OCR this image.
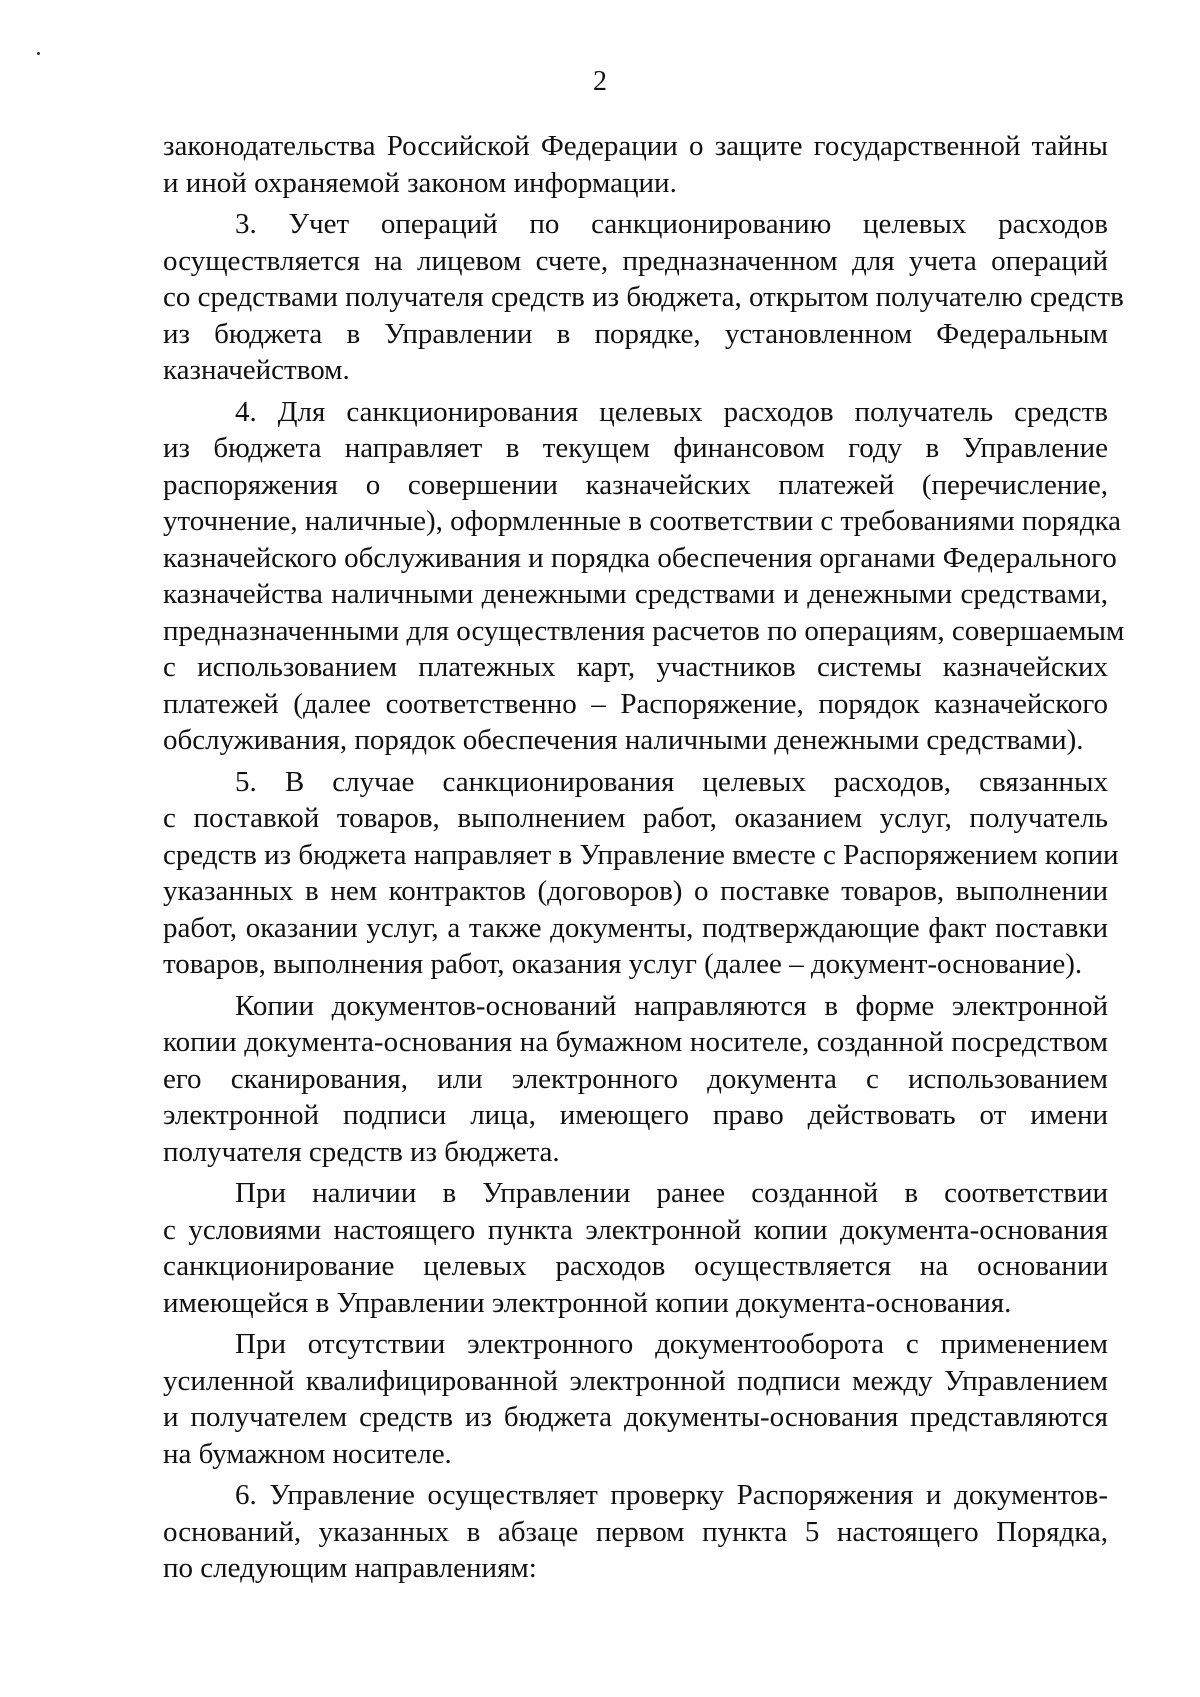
2
законодательства Российской Федерации о защите государственной тайны
и иной охраняемой законом информации.
3. Учет операций по санкционированию целевых расходов
осуществляется на лицевом счете, предназначенном для учета операций
со средствами получателя средств из бюджета, открытом получателю средств
из бюджета в Управлении в порядке, установленном Федеральным
казначейством.
4. Для санкционирования целевых расходов получатель средств
из бюджета направляет в текущем финансовом году в Управление
распоряжения о совершении казначейских платежей (перечисление,
уточнение, наличные), оформленные в соответствии с требованиями порядка
казначейского обслуживания и порядка обеспечения органами Федерального
казначейства наличными денежными средствами и денежными средствами,
предназначенными для осуществления расчетов по операциям, совершаемым
с использованием платежных карт, участников системы казначейских
платежей (далее соответственно – Распоряжение, порядок казначейского
обслуживания, порядок обеспечения наличными денежными средствами).
5. В случае санкционирования целевых расходов, связанных
с поставкой товаров, выполнением работ, оказанием услуг, получатель
средств из бюджета направляет в Управление вместе с Распоряжением копии
указанных в нем контрактов (договоров) о поставке товаров, выполнении
работ, оказании услуг, а также документы, подтверждающие факт поставки
товаров, выполнения работ, оказания услуг (далее – документ-основание).
Копии документов-оснований направляются в форме электронной
копии документа-основания на бумажном носителе, созданной посредством
его сканирования, или электронного документа с использованием
электронной подписи лица, имеющего право действовать от имени
получателя средств из бюджета.
При наличии в Управлении ранее созданной в соответствии
с условиями настоящего пункта электронной копии документа-основания
санкционирование целевых расходов осуществляется на основании
имеющейся в Управлении электронной копии документа-основания.
При отсутствии электронного документооборота с применением
усиленной квалифицированной электронной подписи между Управлением
и получателем средств из бюджета документы-основания представляются
на бумажном носителе.
6. Управление осуществляет проверку Распоряжения и документов-
оснований, указанных в абзаце первом пункта 5 настоящего Порядка,
по следующим направлениям:
